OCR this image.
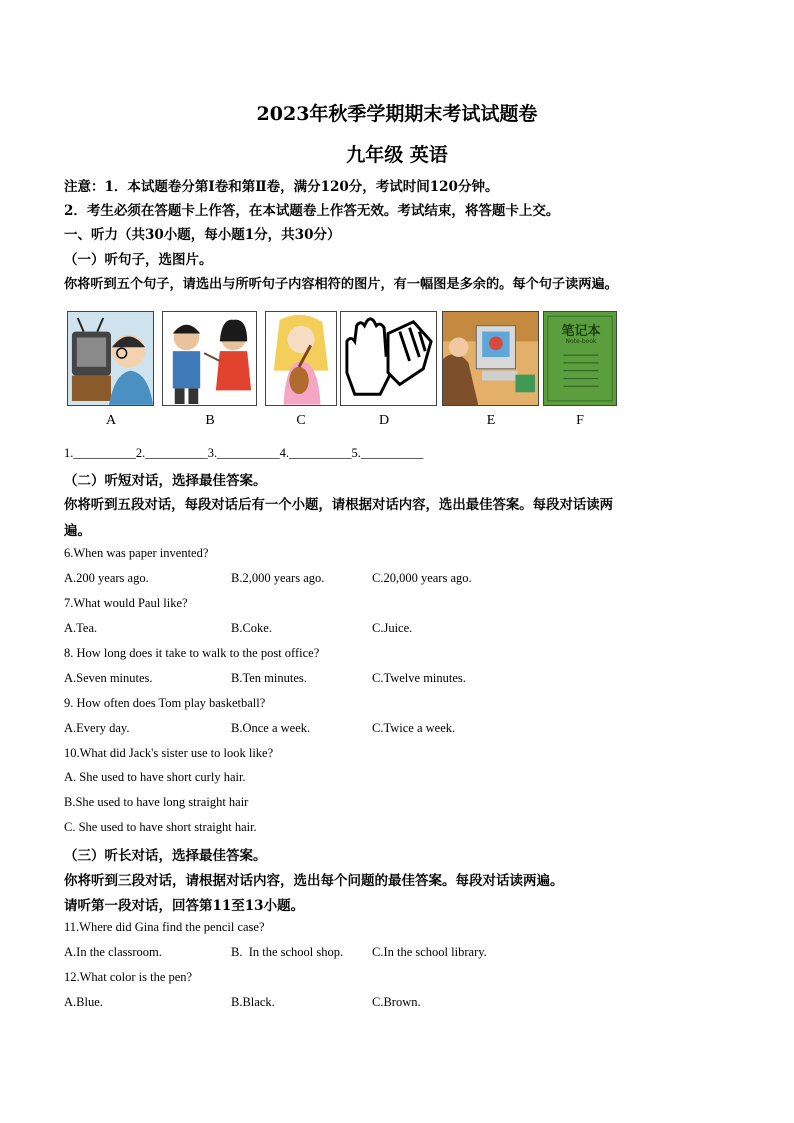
2023年秋季学期期末考试试题卷
九年级 英语
注意：1．本试题卷分第Ⅰ卷和第Ⅱ卷，满分120分，考试时间120分钟。
2．考生必须在答题卡上作答，在本试题卷上作答无效。考试结束，将答题卡上交。
一、听力（共30小题，每小题1分，共30分）
（一）听句子，选图片。
你将听到五个句子，请选出与所听句子内容相符的图片，有一幅图是多余的。每个句子读两遍。
笔记本
Note-book
A	B	C	D	E	F
1.__________2.__________3.__________4.__________5.__________
（二）听短对话，选择最佳答案。
你将听到五段对话，每段对话后有一个小题，请根据对话内容，选出最佳答案。每段对话读两
遍。
6.When was paper invented?
A.200 years ago.	B.2,000 years ago.	C.20,000 years ago.
7.What would Paul like?
A.Tea.	B.Coke.	C.Juice.
8. How long does it take to walk to the post office?
A.Seven minutes.	B.Ten minutes.	C.Twelve minutes.
9. How often does Tom play basketball?
A.Every day.	B.Once a week.	C.Twice a week.
10.What did Jack's sister use to look like?
A. She used to have short curly hair.
B.She used to have long straight hair
C. She used to have short straight hair.
（三）听长对话，选择最佳答案。
你将听到三段对话，请根据对话内容，选出每个问题的最佳答案。每段对话读两遍。
请听第一段对话，回答第11至13小题。
11.Where did Gina find the pencil case?
A.In the classroom.	B.  In the school shop. C.In the school library.
12.What color is the pen?
A.Blue.	B.Black.	C.Brown.
